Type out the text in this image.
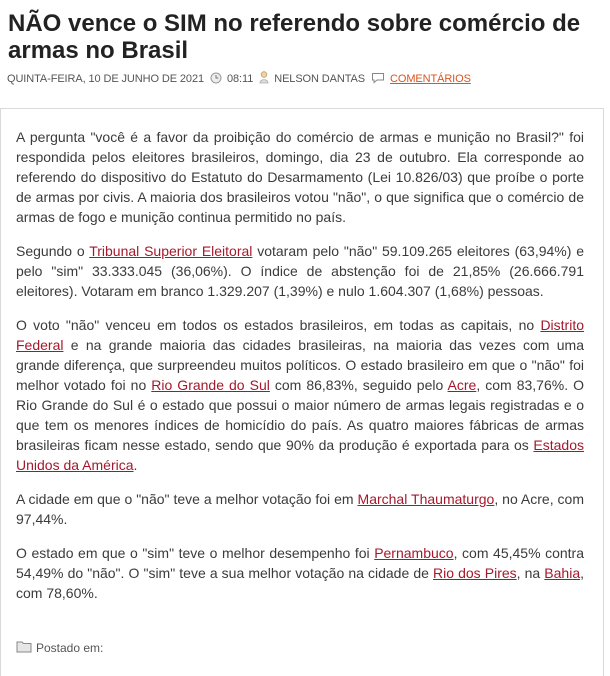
NÃO vence o SIM no referendo sobre comércio de armas no Brasil
QUINTA-FEIRA, 10 DE JUNHO DE 2021 08:11 NELSON DANTAS COMENTÁRIOS

A pergunta "você é a favor da proibição do comércio de armas e munição no Brasil?" foi respondida pelos eleitores brasileiros, domingo, dia 23 de outubro. Ela corresponde ao referendo do dispositivo do Estatuto do Desarmamento (Lei 10.826/03) que proíbe o porte de armas por civis. A maioria dos brasileiros votou "não", o que significa que o comércio de armas de fogo e munição continua permitido no país.

Segundo o Tribunal Superior Eleitoral votaram pelo "não" 59.109.265 eleitores (63,94%) e pelo "sim" 33.333.045 (36,06%). O índice de abstenção foi de 21,85% (26.666.791 eleitores). Votaram em branco 1.329.207 (1,39%) e nulo 1.604.307 (1,68%) pessoas.

O voto "não" venceu em todos os estados brasileiros, em todas as capitais, no Distrito Federal e na grande maioria das cidades brasileiras, na maioria das vezes com uma grande diferença, que surpreendeu muitos políticos. O estado brasileiro em que o "não" foi melhor votado foi no Rio Grande do Sul com 86,83%, seguido pelo Acre, com 83,76%. O Rio Grande do Sul é o estado que possui o maior número de armas legais registradas e o que tem os menores índices de homicídio do país. As quatro maiores fábricas de armas brasileiras ficam nesse estado, sendo que 90% da produção é exportada para os Estados Unidos da América.

A cidade em que o "não" teve a melhor votação foi em Marchal Thaumaturgo, no Acre, com 97,44%.

O estado em que o "sim" teve o melhor desempenho foi Pernambuco, com 45,45% contra 54,49% do "não". O "sim" teve a sua melhor votação na cidade de Rio dos Pires, na Bahia, com 78,60%.

Postado em:
